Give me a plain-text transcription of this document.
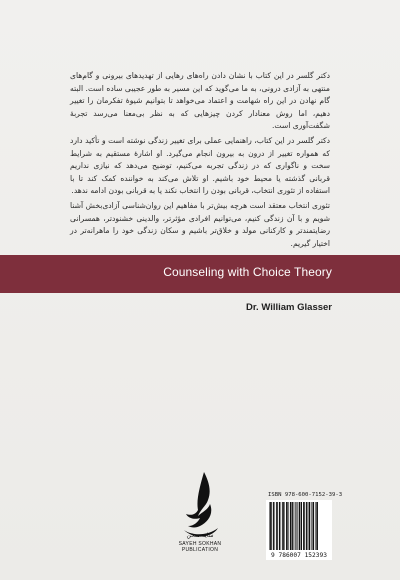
دکتر گلسر در این کتاب با نشان دادن راه‌های رهایی از تهدیدهای بیرونی و گام‌های منتهی به آزادی درونی، به ما می‌گوید که این مسیر به طور عجیبی ساده است. البته گام نهادن در این راه شهامت و اعتماد می‌خواهد تا بتوانیم شیوهٔ تفکرمان را تغییر دهیم، اما روش معنادار کردن چیزهایی که به نظر بی‌معنا می‌رسد تجربهٔ شگفت‌آوری است.

دکتر گلسر در این کتاب، راهنمایی عملی برای تغییر زندگی نوشته است و تأکید دارد که همواره تغییر از درون به بیرون انجام می‌گیرد. او اشارهٔ مستقیم به شرایط سخت و ناگواری که در زندگی تجربه می‌کنیم، توضیح می‌دهد که نیازی نداریم قربانی گذشته یا محیط خود باشیم. او تلاش می‌کند به خواننده کمک کند تا با استفاده از تئوری انتخاب، قربانی بودن را انتخاب نکند یا به قربانی بودن ادامه ندهد.

تئوری انتخاب معتقد است هرچه بیش‌تر با مفاهیم این روان‌شناسی آزادی‌بخش آشنا شویم و با آن زندگی کنیم، می‌توانیم افرادی مؤثرتر، والدینی خشنودتر، همسرانی رضایتمندتر و کارکنانی مولد و خلاق‌تر باشیم و سکان زندگی خود را ماهرانه‌تر در اختیار گیریم.

Counseling with Choice Theory
Dr. William Glasser
سایه سخن
SAYEH SOKHAN
PUBLICATION
ISBN 978-600-7152-39-3
9 786007 152393
